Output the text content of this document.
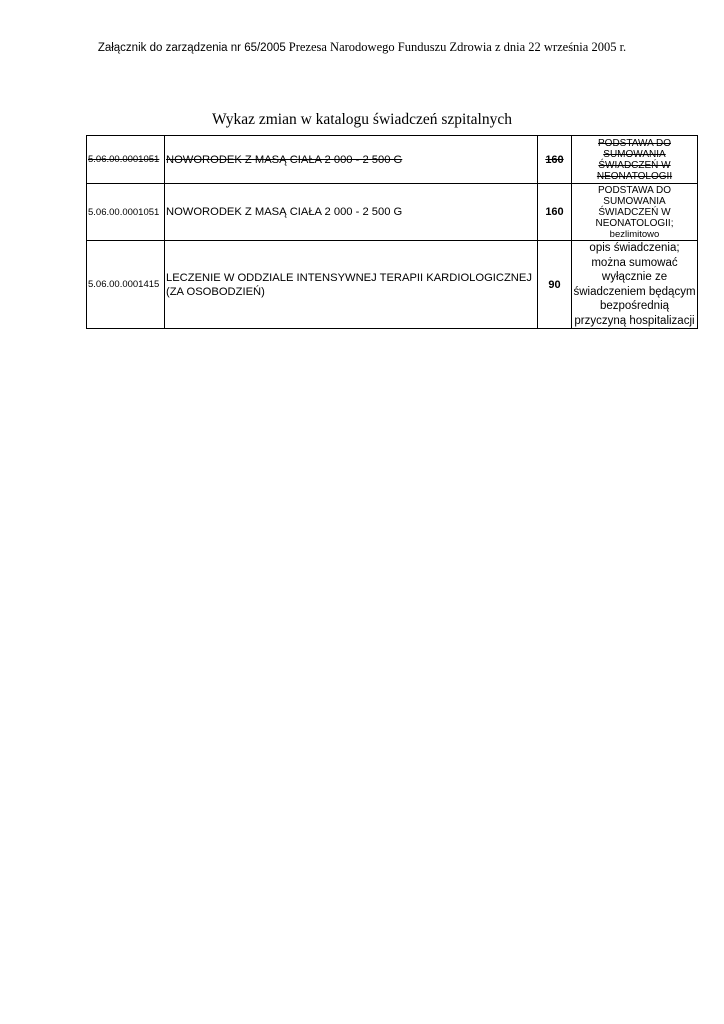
Załącznik do zarządzenia nr 65/2005 Prezesa Narodowego Funduszu Zdrowia z dnia 22 września 2005 r.
Wykaz zmian w katalogu świadczeń szpitalnych
5.06.00.0001051	NOWORODEK Z MASĄ CIAŁA 2 000 - 2 500 G	160	PODSTAWA DO SUMOWANIA ŚWIADCZEŃ W NEONATOLOGII
5.06.00.0001051	NOWORODEK Z MASĄ CIAŁA 2 000 - 2 500 G	160	PODSTAWA DO SUMOWANIA ŚWIADCZEŃ W NEONATOLOGII;
bezlimitowo

5.06.00.0001415	LECZENIE W ODDZIALE INTENSYWNEJ TERAPII KARDIOLOGICZNEJ (ZA OSOBODZIEŃ)	90	opis świadczenia; można sumować wyłącznie ze świadczeniem będącym bezpośrednią przyczyną hospitalizacji
